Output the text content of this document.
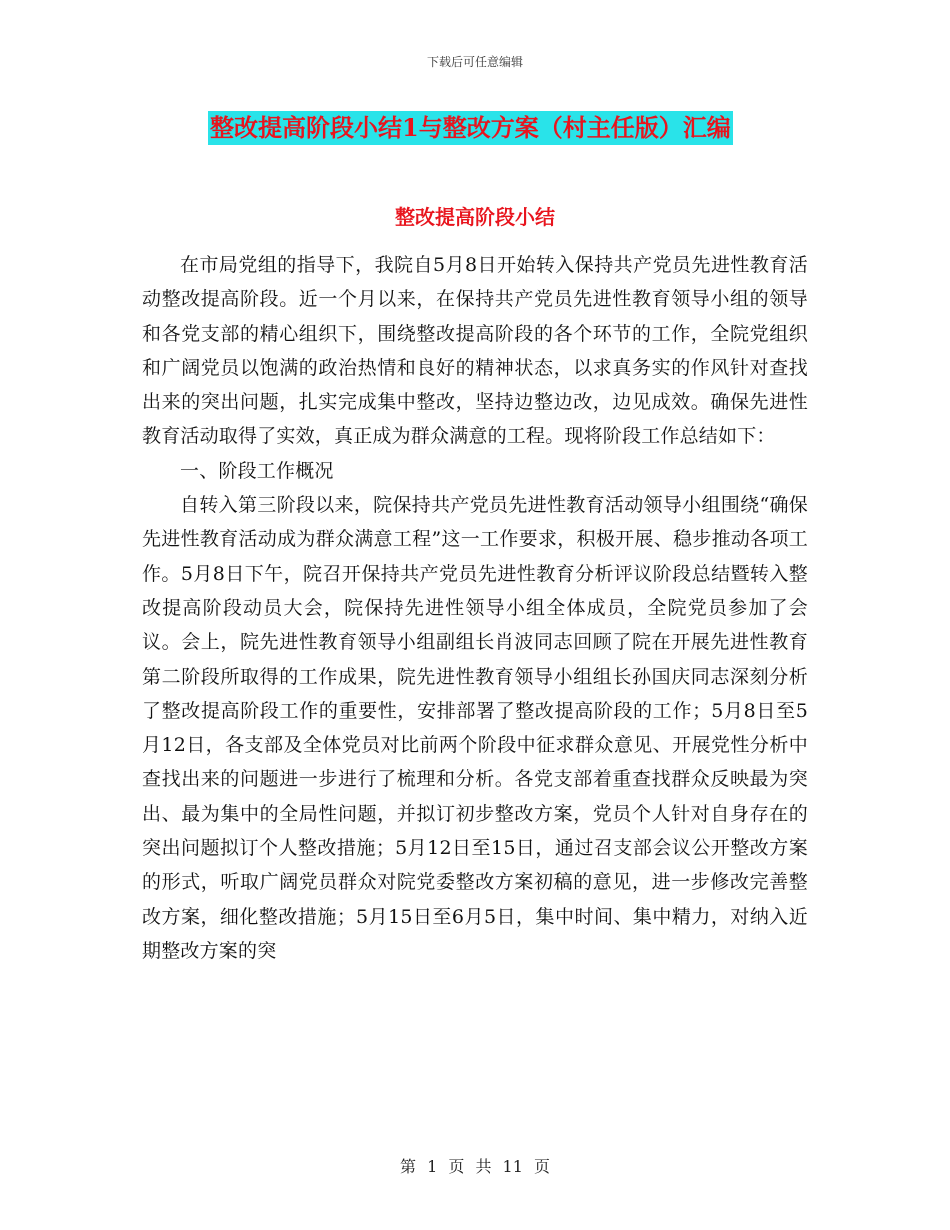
下载后可任意编辑
整改提高阶段小结1与整改方案（村主任版）汇编
整改提高阶段小结

在市局党组的指导下，我院自5月8日开始转入保持共产党员先进性教育活动整改提高阶段。近一个月以来，在保持共产党员先进性教育领导小组的领导和各党支部的精心组织下，围绕整改提高阶段的各个环节的工作，全院党组织和广阔党员以饱满的政治热情和良好的精神状态，以求真务实的作风针对查找出来的突出问题，扎实完成集中整改，坚持边整边改，边见成效。确保先进性教育活动取得了实效，真正成为群众满意的工程。现将阶段工作总结如下：

一、阶段工作概况

自转入第三阶段以来，院保持共产党员先进性教育活动领导小组围绕“确保先进性教育活动成为群众满意工程”这一工作要求，积极开展、稳步推动各项工作。5月8日下午，院召开保持共产党员先进性教育分析评议阶段总结暨转入整改提高阶段动员大会，院保持先进性领导小组全体成员，全院党员参加了会议。会上，院先进性教育领导小组副组长肖波同志回顾了院在开展先进性教育第二阶段所取得的工作成果，院先进性教育领导小组组长孙国庆同志深刻分析了整改提高阶段工作的重要性，安排部署了整改提高阶段的工作；5月8日至5月12日，各支部及全体党员对比前两个阶段中征求群众意见、开展党性分析中查找出来的问题进一步进行了梳理和分析。各党支部着重查找群众反映最为突出、最为集中的全局性问题，并拟订初步整改方案，党员个人针对自身存在的突出问题拟订个人整改措施；5月12日至15日，通过召支部会议公开整改方案的形式，听取广阔党员群众对院党委整改方案初稿的意见，进一步修改完善整改方案，细化整改措施；5月15日至6月5日，集中时间、集中精力，对纳入近期整改方案的突

第 1 页 共 11 页
